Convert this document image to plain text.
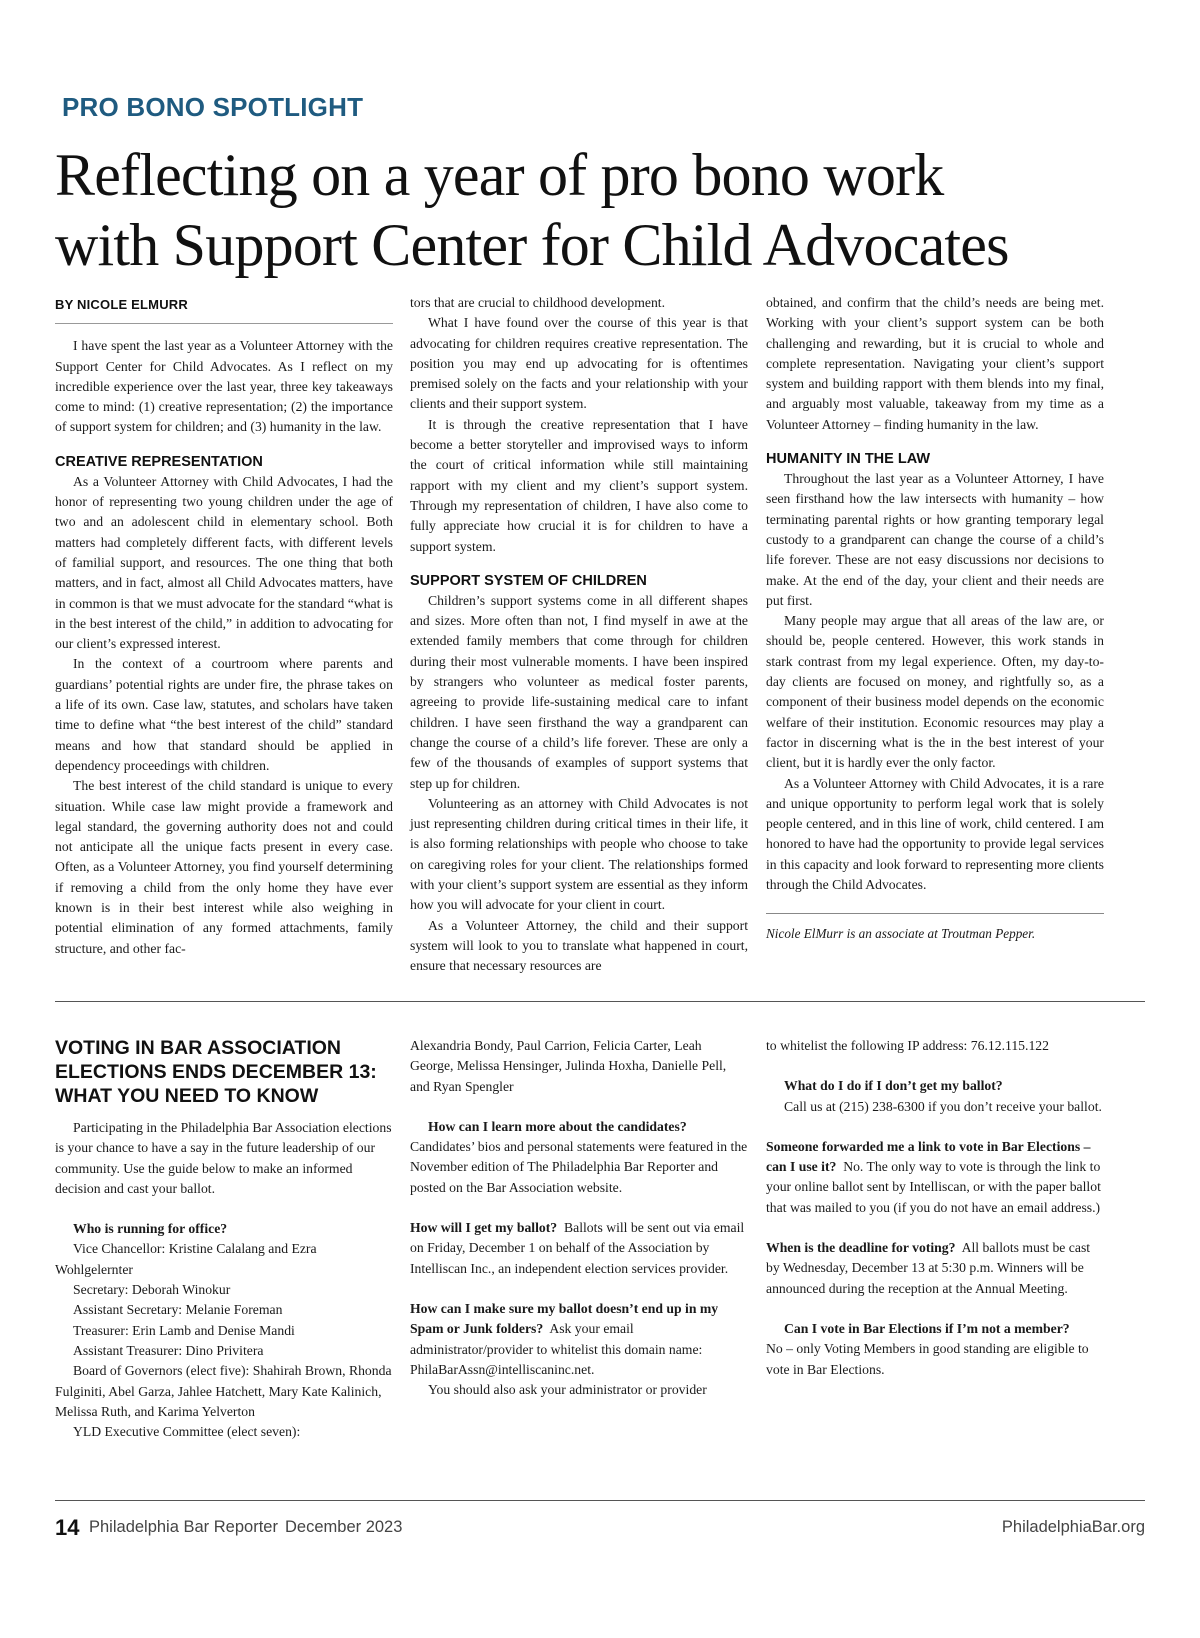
PRO BONO SPOTLIGHT
Reflecting on a year of pro bono work
with Support Center for Child Advocates
BY NICOLE ELMURR

I have spent the last year as a Volunteer Attorney with the Support Center for Child Advocates. As I reflect on my incredible experience over the last year, three key takeaways come to mind: (1) creative representation; (2) the importance of support system for children; and (3) humanity in the law.

CREATIVE REPRESENTATION

As a Volunteer Attorney with Child Advocates, I had the honor of representing two young children under the age of two and an adolescent child in elementary school. Both matters had completely different facts, with different levels of familial support, and resources. The one thing that both matters, and in fact, almost all Child Advocates matters, have in common is that we must advocate for the standard “what is in the best interest of the child,” in addition to advocating for our client’s expressed interest.

In the context of a courtroom where parents and guardians’ potential rights are under fire, the phrase takes on a life of its own. Case law, statutes, and scholars have taken time to define what “the best interest of the child” standard means and how that standard should be applied in dependency proceedings with children.

The best interest of the child standard is unique to every situation. While case law might provide a framework and legal standard, the governing authority does not and could not anticipate all the unique facts present in every case. Often, as a Volunteer Attorney, you find yourself determining if removing a child from the only home they have ever known is in their best interest while also weighing in potential elimination of any formed attachments, family structure, and other fac-

tors that are crucial to childhood development.

What I have found over the course of this year is that advocating for children requires creative representation. The position you may end up advocating for is oftentimes premised solely on the facts and your relationship with your clients and their support system.

It is through the creative representation that I have become a better storyteller and improvised ways to inform the court of critical information while still maintaining rapport with my client and my client’s support system. Through my representation of children, I have also come to fully appreciate how crucial it is for children to have a support system.

SUPPORT SYSTEM OF CHILDREN

Children’s support systems come in all different shapes and sizes. More often than not, I find myself in awe at the extended family members that come through for children during their most vulnerable moments. I have been inspired by strangers who volunteer as medical foster parents, agreeing to provide life-sustaining medical care to infant children. I have seen firsthand the way a grandparent can change the course of a child’s life forever. These are only a few of the thousands of examples of support systems that step up for children.

Volunteering as an attorney with Child Advocates is not just representing children during critical times in their life, it is also forming relationships with people who choose to take on caregiving roles for your client. The relationships formed with your client’s support system are essential as they inform how you will advocate for your client in court.

As a Volunteer Attorney, the child and their support system will look to you to translate what happened in court, ensure that necessary resources are

obtained, and confirm that the child’s needs are being met. Working with your client’s support system can be both challenging and rewarding, but it is crucial to whole and complete representation. Navigating your client’s support system and building rapport with them blends into my final, and arguably most valuable, takeaway from my time as a Volunteer Attorney – finding humanity in the law.

HUMANITY IN THE LAW

Throughout the last year as a Volunteer Attorney, I have seen firsthand how the law intersects with humanity – how terminating parental rights or how granting temporary legal custody to a grandparent can change the course of a child’s life forever. These are not easy discussions nor decisions to make. At the end of the day, your client and their needs are put first.

Many people may argue that all areas of the law are, or should be, people centered. However, this work stands in stark contrast from my legal experience. Often, my day-to-day clients are focused on money, and rightfully so, as a component of their business model depends on the economic welfare of their institution. Economic resources may play a factor in discerning what is the in the best interest of your client, but it is hardly ever the only factor.

As a Volunteer Attorney with Child Advocates, it is a rare and unique opportunity to perform legal work that is solely people centered, and in this line of work, child centered. I am honored to have had the opportunity to provide legal services in this capacity and look forward to representing more clients through the Child Advocates.

Nicole ElMurr is an associate at Troutman Pepper.
VOTING IN BAR ASSOCIATION ELECTIONS ENDS DECEMBER 13: WHAT YOU NEED TO KNOW

Participating in the Philadelphia Bar Association elections is your chance to have a say in the future leadership of our community. Use the guide below to make an informed decision and cast your ballot.

Who is running for office?

Vice Chancellor: Kristine Calalang and Ezra Wohlgelernter

Secretary: Deborah Winokur

Assistant Secretary: Melanie Foreman

Treasurer: Erin Lamb and Denise Mandi

Assistant Treasurer: Dino Privitera

Board of Governors (elect five): Shahirah Brown, Rhonda Fulginiti, Abel Garza, Jahlee Hatchett, Mary Kate Kalinich, Melissa Ruth, and Karima Yelverton

YLD Executive Committee (elect seven):

Alexandria Bondy, Paul Carrion, Felicia Carter, Leah George, Melissa Hensinger, Julinda Hoxha, Danielle Pell, and Ryan Spengler

How can I learn more about the candidates?

Candidates’ bios and personal statements were featured in the November edition of The Philadelphia Bar Reporter and posted on the Bar Association website.

How will I get my ballot? Ballots will be sent out via email on Friday, December 1 on behalf of the Association by Intelliscan Inc., an independent election services provider.

How can I make sure my ballot doesn’t end up in my Spam or Junk folders? Ask your email administrator/provider to whitelist this domain name: PhilaBarAssn@intelliscaninc.net.

You should also ask your administrator or provider

to whitelist the following IP address: 76.12.115.122

What do I do if I don’t get my ballot?

Call us at (215) 238-6300 if you don’t receive your ballot.

Someone forwarded me a link to vote in Bar Elections – can I use it? No. The only way to vote is through the link to your online ballot sent by Intelliscan, or with the paper ballot that was mailed to you (if you do not have an email address.)

When is the deadline for voting? All ballots must be cast by Wednesday, December 13 at 5:30 p.m. Winners will be announced during the reception at the Annual Meeting.

Can I vote in Bar Elections if I’m not a member?

No – only Voting Members in good standing are eligible to vote in Bar Elections.

14 Philadelphia Bar Reporter December 2023	PhiladelphiaBar.org
